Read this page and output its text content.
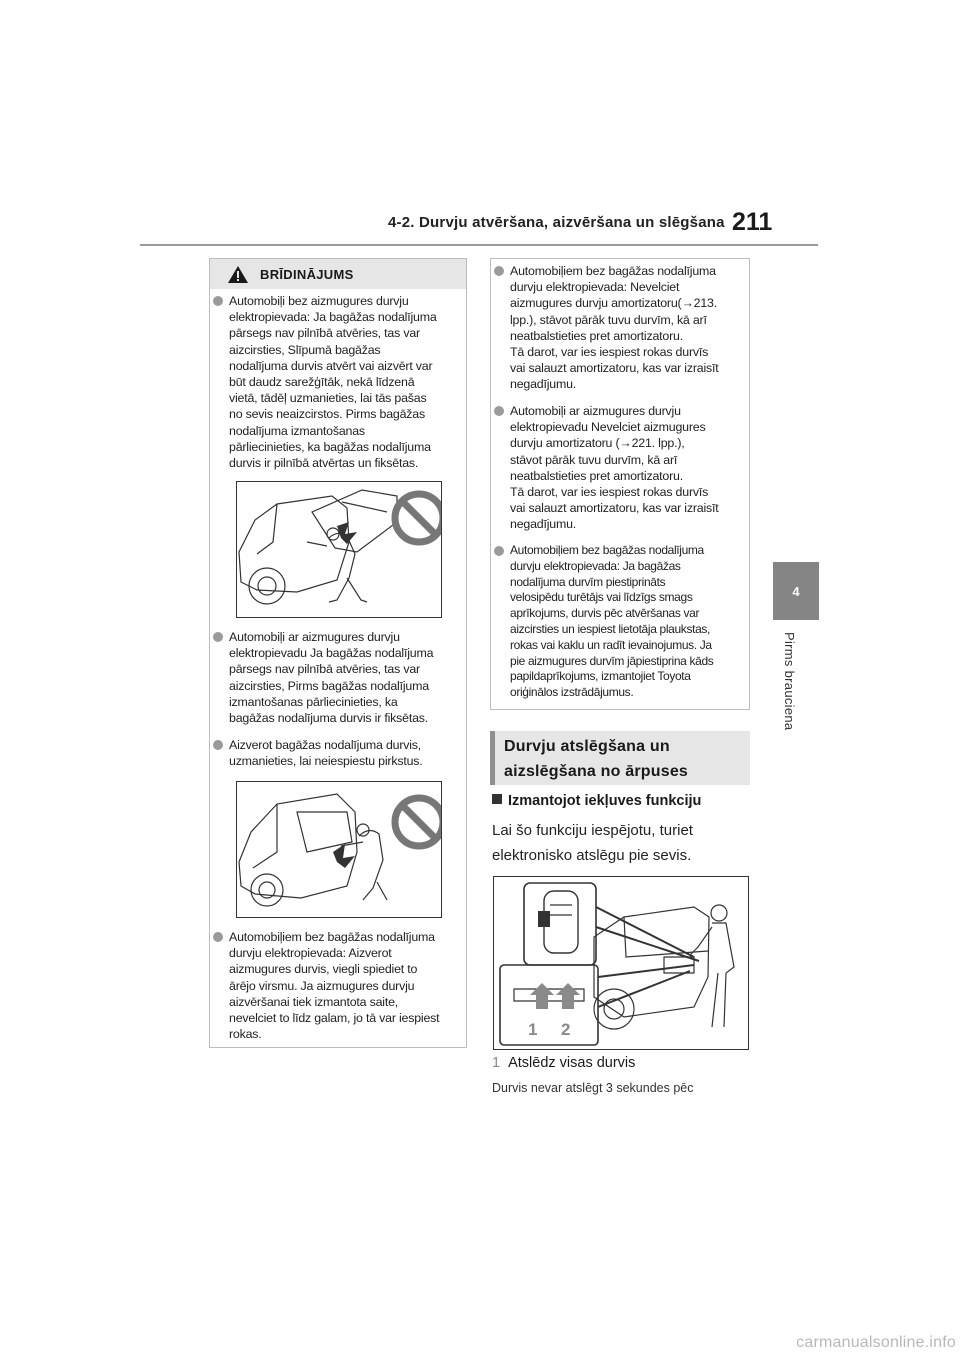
4-2. Durvju atvēršana, aizvēršana un slēgšana 211
4
Pirms brauciena
BRĪDINĀJUMS
Automobiļi bez aizmugures durvju
elektropievada: Ja bagāžas nodalījuma
pārsegs nav pilnībā atvēries, tas var
aizcirsties, Slīpumā bagāžas
nodalījuma durvis atvērt vai aizvērt var
būt daudz sarežģītāk, nekā līdzenā
vietā, tādēļ uzmanieties, lai tās pašas
no sevis neaizcirstos. Pirms bagāžas
nodalījuma izmantošanas
pārliecinieties, ka bagāžas nodalījuma
durvis ir pilnībā atvērtas un fiksētas.
Automobiļi ar aizmugures durvju
elektropievadu Ja bagāžas nodalījuma
pārsegs nav pilnībā atvēries, tas var
aizcirsties, Pirms bagāžas nodalījuma
izmantošanas pārliecinieties, ka
bagāžas nodalījuma durvis ir fiksētas.
Aizverot bagāžas nodalījuma durvis,
uzmanieties, lai neiespiestu pirkstus.
Automobiļiem bez bagāžas nodalījuma
durvju elektropievada: Aizverot
aizmugures durvis, viegli spiediet to
ārējo virsmu. Ja aizmugures durvju
aizvēršanai tiek izmantota saite,
nevelciet to līdz galam, jo tā var iespiest
rokas.
Automobiļiem bez bagāžas nodalījuma
durvju elektropievada: Nevelciet
aizmugures durvju amortizatoru(→213.
lpp.), stāvot pārāk tuvu durvīm, kā arī
neatbalstieties pret amortizatoru.
Tā darot, var ies iespiest rokas durvīs
vai salauzt amortizatoru, kas var izraisīt
negadījumu.
Automobiļi ar aizmugures durvju
elektropievadu Nevelciet aizmugures
durvju amortizatoru (→221. lpp.),
stāvot pārāk tuvu durvīm, kā arī
neatbalstieties pret amortizatoru.
Tā darot, var ies iespiest rokas durvīs
vai salauzt amortizatoru, kas var izraisīt
negadījumu.
Automobiļiem bez bagāžas nodalījuma
durvju elektropievada: Ja bagāžas
nodalījuma durvīm piestiprināts
velosipēdu turētājs vai līdzīgs smags
aprīkojums, durvis pēc atvēršanas var
aizcirsties un iespiest lietotāja plaukstas,
rokas vai kaklu un radīt ievainojumus. Ja
pie aizmugures durvīm jāpiestiprina kāds
papildaprīkojums, izmantojiet Toyota
oriģinālos izstrādājumus.
Durvju atslēgšana un
aizslēgšana no ārpuses
Izmantojot iekļuves funkciju
Lai šo funkciju iespējotu, turiet
elektronisko atslēgu pie sevis.
1 2
1 Atslēdz visas durvis
Durvis nevar atslēgt 3 sekundes pēc
carmanualsonline.info
